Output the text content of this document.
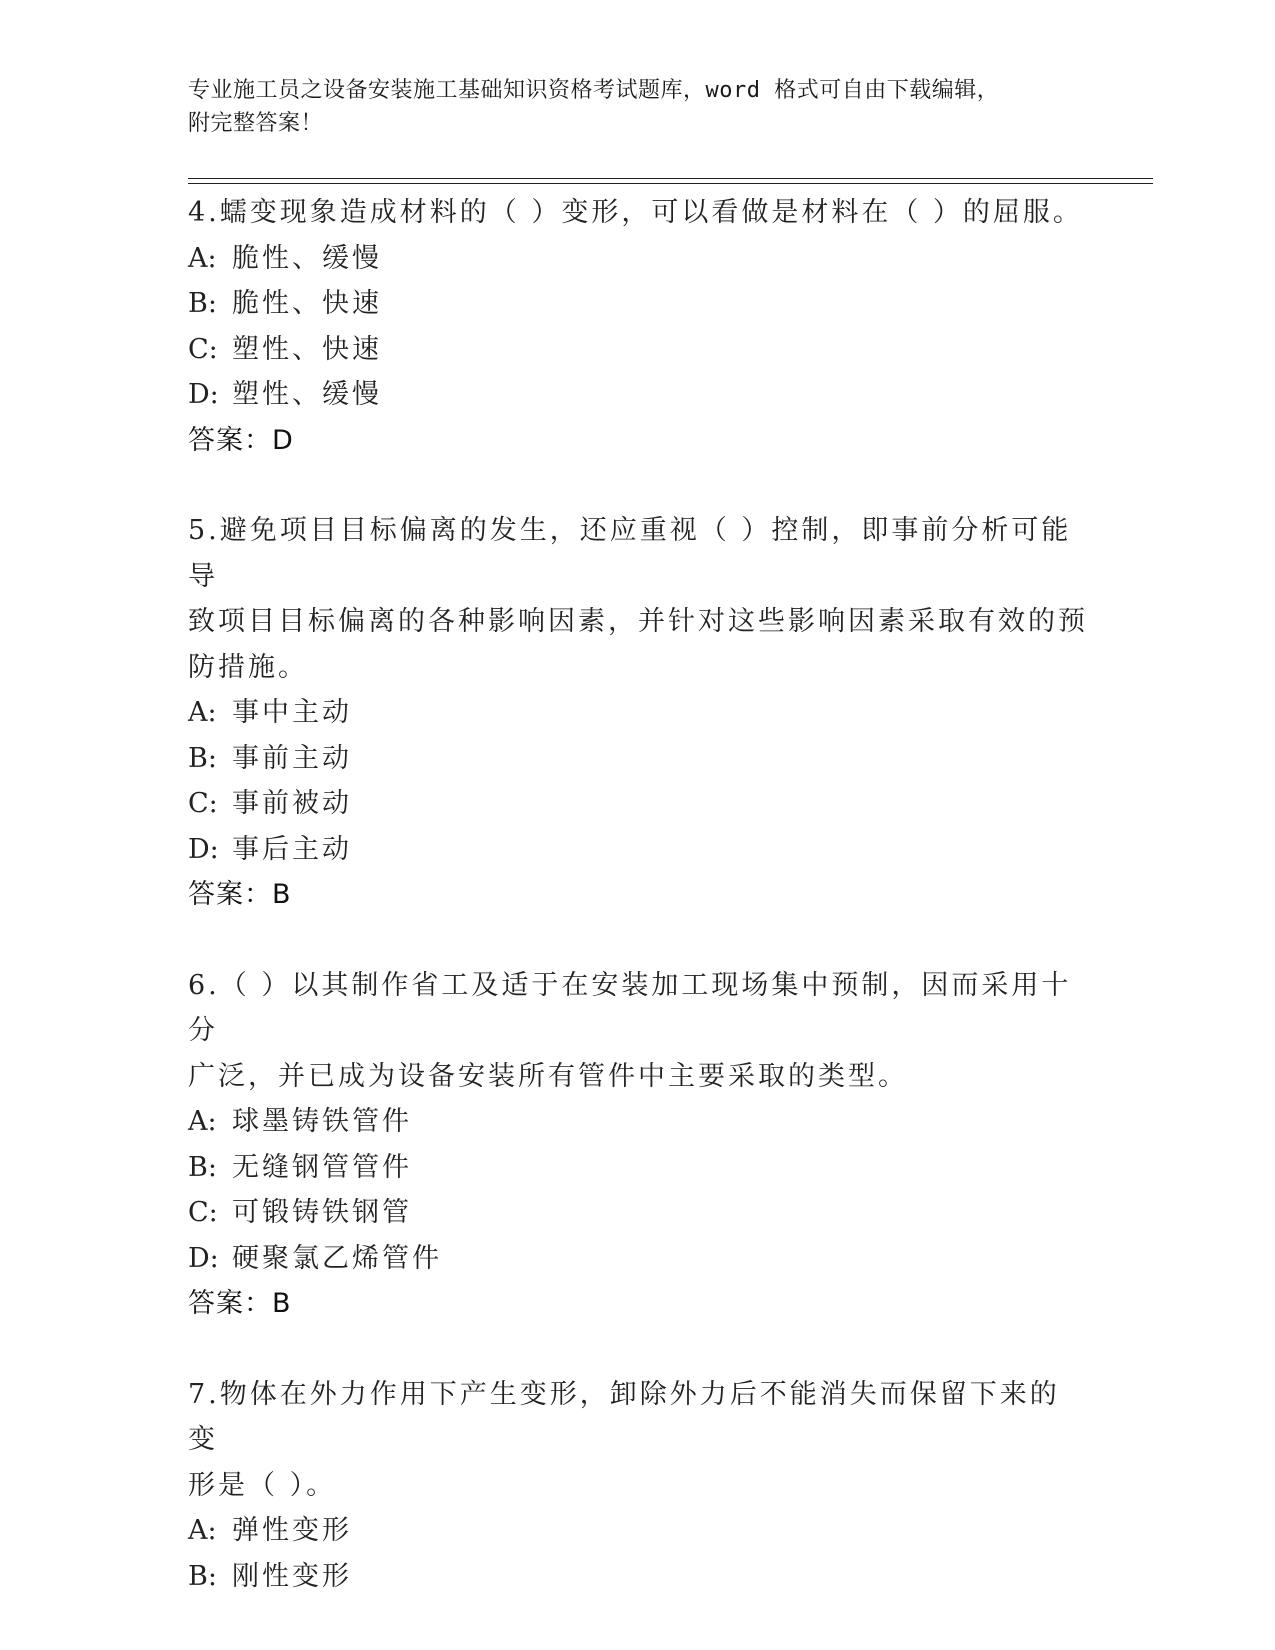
专业施工员之设备安装施工基础知识资格考试题库，word 格式可自由下载编辑，
附完整答案！

4.蠕变现象造成材料的（ ）变形，可以看做是材料在（ ）的屈服。

A: 脆性、缓慢

B: 脆性、快速

C: 塑性、快速

D: 塑性、缓慢

答案：D

5.避免项目目标偏离的发生，还应重视（ ）控制，即事前分析可能导

致项目目标偏离的各种影响因素，并针对这些影响因素采取有效的预

防措施。

A: 事中主动

B: 事前主动

C: 事前被动

D: 事后主动

答案：B

6.（ ）以其制作省工及适于在安装加工现场集中预制，因而采用十分

广泛，并已成为设备安装所有管件中主要采取的类型。

A: 球墨铸铁管件

B: 无缝钢管管件

C: 可锻铸铁钢管

D: 硬聚氯乙烯管件

答案：B

7.物体在外力作用下产生变形，卸除外力后不能消失而保留下来的变

形是（ ）。

A: 弹性变形

B: 刚性变形
